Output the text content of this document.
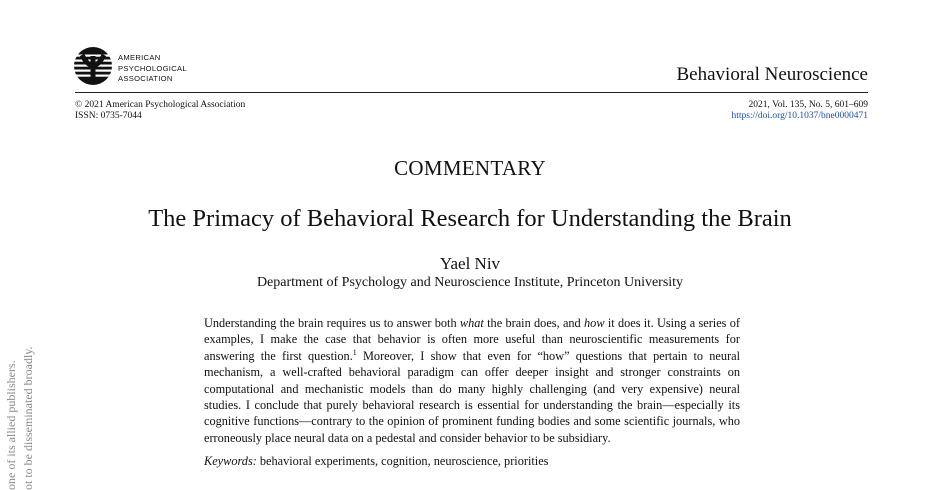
AMERICAN
PSYCHOLOGICAL
ASSOCIATION	Behavioral Neuroscience
© 2021 American Psychological Association
ISSN: 0735-7044
2021, Vol. 135, No. 5, 601–609
https://doi.org/10.1037/bne0000471
COMMENTARY
The Primacy of Behavioral Research for Understanding the Brain
Yael Niv
Department of Psychology and Neuroscience Institute, Princeton University
Understanding the brain requires us to answer both what the brain does, and how it does it. Using a series of examples, I make the case that behavior is often more useful than neuroscientific measurements for answering the first question.$^1$ Moreover, I show that even for “how” questions that pertain to neural mechanism, a well-crafted behavioral paradigm can offer deeper insight and stronger constraints on computational and mechanistic models than do many highly challenging (and very expensive) neural studies. I conclude that purely behavioral research is essential for understanding the brain—especially its cognitive functions—contrary to the opinion of prominent funding bodies and some scientific journals, who erroneously place neural data on a pedestal and consider behavior to be subsidiary.
Keywords: behavioral experiments, cognition, neuroscience, priorities
one of its allied publishers. ot to be disseminated broadly.
